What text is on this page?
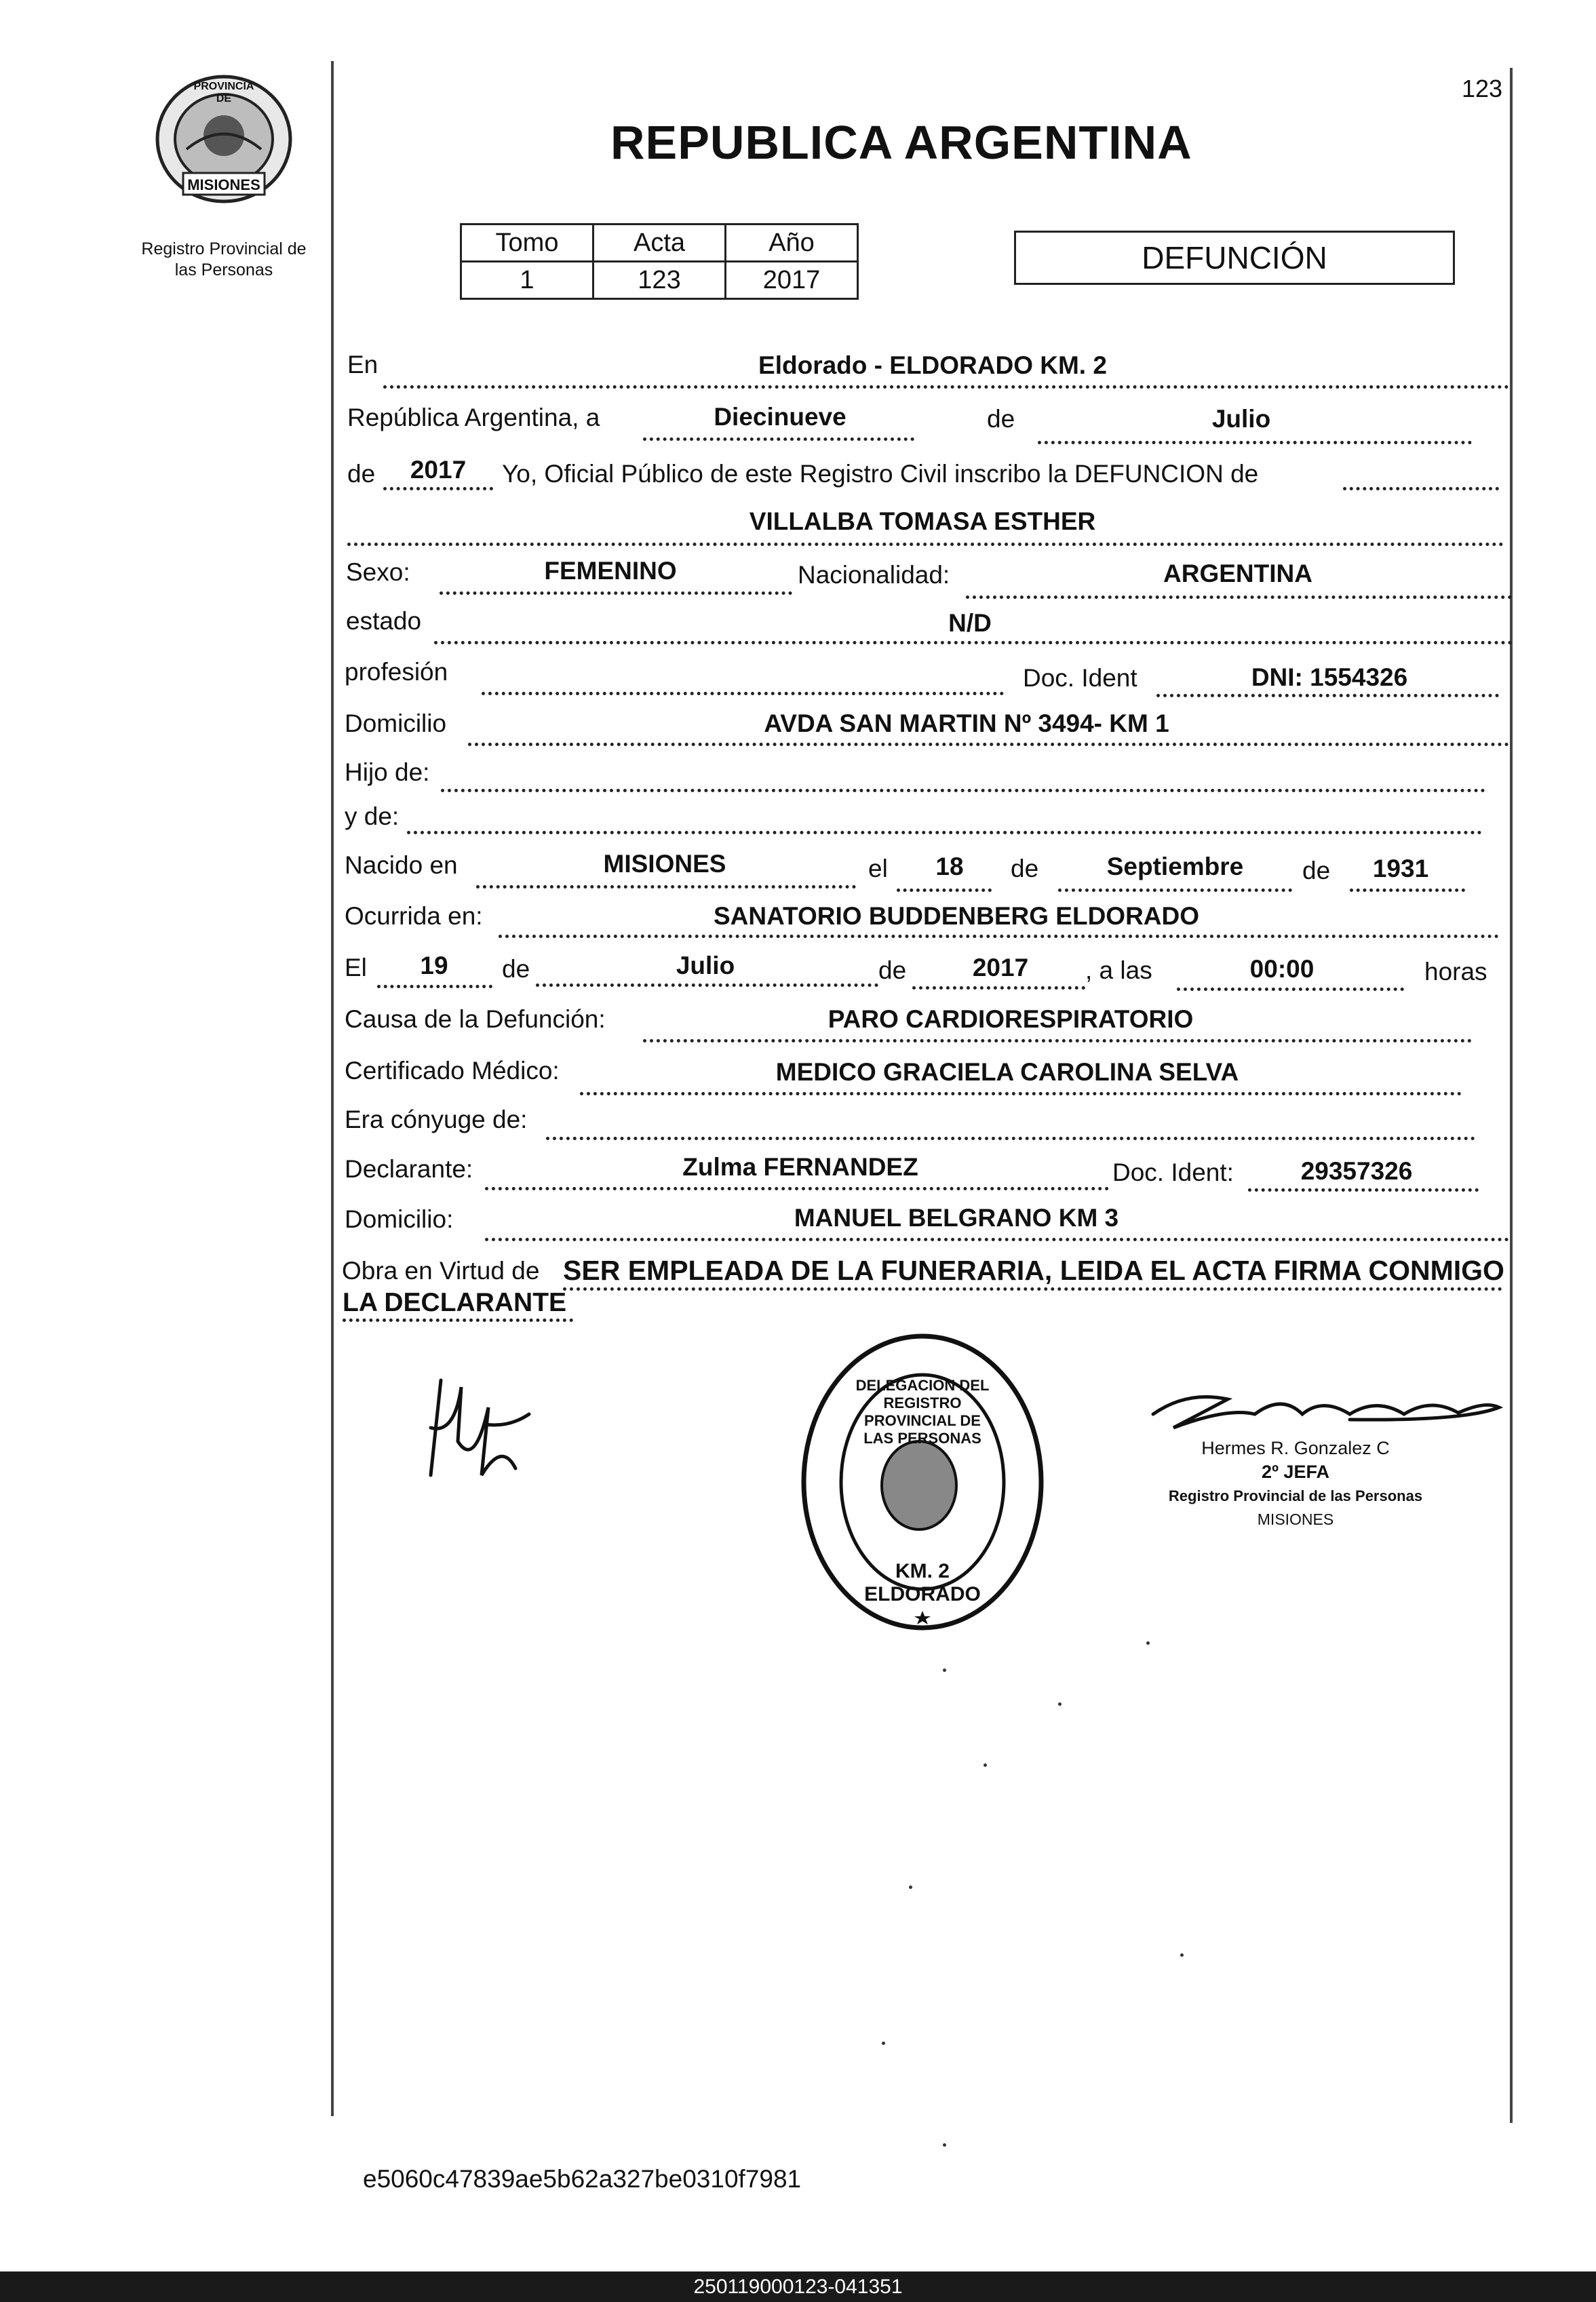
123
PROVINCIA DE
MISIONES
Registro Provincial de
las Personas
REPUBLICA ARGENTINA
Tomo	Acta	Año
1	123	2017
DEFUNCIÓN
En	Eldorado - ELDORADO KM. 2
República Argentina, a	Diecinueve	de	Julio
de	2017	Yo, Oficial Público de este Registro Civil inscribo la DEFUNCION de
VILLALBA TOMASA ESTHER
Sexo:	FEMENINO	Nacionalidad:	ARGENTINA
estado	N/D
profesión	Doc. Ident	DNI: 1554326
Domicilio	AVDA SAN MARTIN Nº 3494- KM 1
Hijo de:
y de:
Nacido en	MISIONES	el	18	de	Septiembre	de	1931
Ocurrida en:	SANATORIO BUDDENBERG ELDORADO
El	19	de	Julio	de	2017	, a las	00:00	horas
Causa de la Defunción:	PARO CARDIORESPIRATORIO
Certificado Médico:	MEDICO GRACIELA CAROLINA SELVA
Era cónyuge de:
Declarante:	Zulma FERNANDEZ	Doc. Ident:	29357326
Domicilio:	MANUEL BELGRANO KM 3
Obra en Virtud de SER EMPLEADA DE LA FUNERARIA, LEIDA EL ACTA FIRMA CONMIGO
LA DECLARANTE
DELEGACION DEL REGISTRO PROVINCIAL DE LAS PERSONAS
KM. 2 ELDORADO
Hermes R. Gonzalez C
2º JEFA
Registro Provincial de las Personas
MISIONES
e5060c47839ae5b62a327be0310f7981
250119000123-041351
